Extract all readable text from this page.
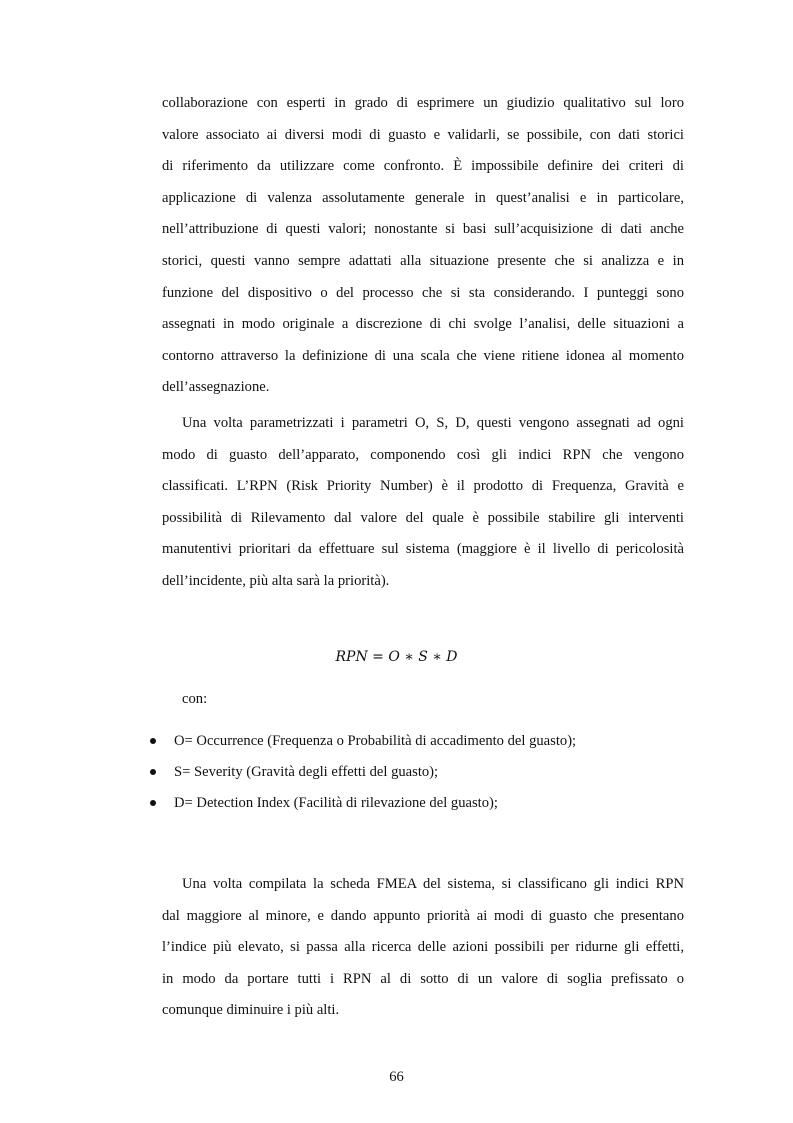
collaborazione con esperti in grado di esprimere un giudizio qualitativo sul loro
valore associato ai diversi modi di guasto e validarli, se possibile, con dati storici
di riferimento da utilizzare come confronto. È impossibile definire dei criteri di
applicazione di valenza assolutamente generale in quest’analisi e in particolare,
nell’attribuzione di questi valori; nonostante si basi sull’acquisizione di dati anche
storici, questi vanno sempre adattati alla situazione presente che si analizza e in
funzione del dispositivo o del processo che si sta considerando. I punteggi sono
assegnati in modo originale a discrezione di chi svolge l’analisi, delle situazioni a
contorno attraverso la definizione di una scala che viene ritiene idonea al momento
dell’assegnazione.
Una volta parametrizzati i parametri O, S, D, questi vengono assegnati ad ogni
modo di guasto dell’apparato, componendo così gli indici RPN che vengono
classificati. L’RPN (Risk Priority Number) è il prodotto di Frequenza, Gravità e
possibilità di Rilevamento dal valore del quale è possibile stabilire gli interventi
manutentivi prioritari da effettuare sul sistema (maggiore è il livello di pericolosità
dell’incidente, più alta sarà la priorità).
RPN = O ∗ S ∗ D
con:
O= Occurrence (Frequenza o Probabilità di accadimento del guasto);
S= Severity (Gravità degli effetti del guasto);
D= Detection Index (Facilità di rilevazione del guasto);
Una volta compilata la scheda FMEA del sistema, si classificano gli indici RPN
dal maggiore al minore, e dando appunto priorità ai modi di guasto che presentano
l’indice più elevato, si passa alla ricerca delle azioni possibili per ridurne gli effetti,
in modo da portare tutti i RPN al di sotto di un valore di soglia prefissato o
comunque diminuire i più alti.
66
